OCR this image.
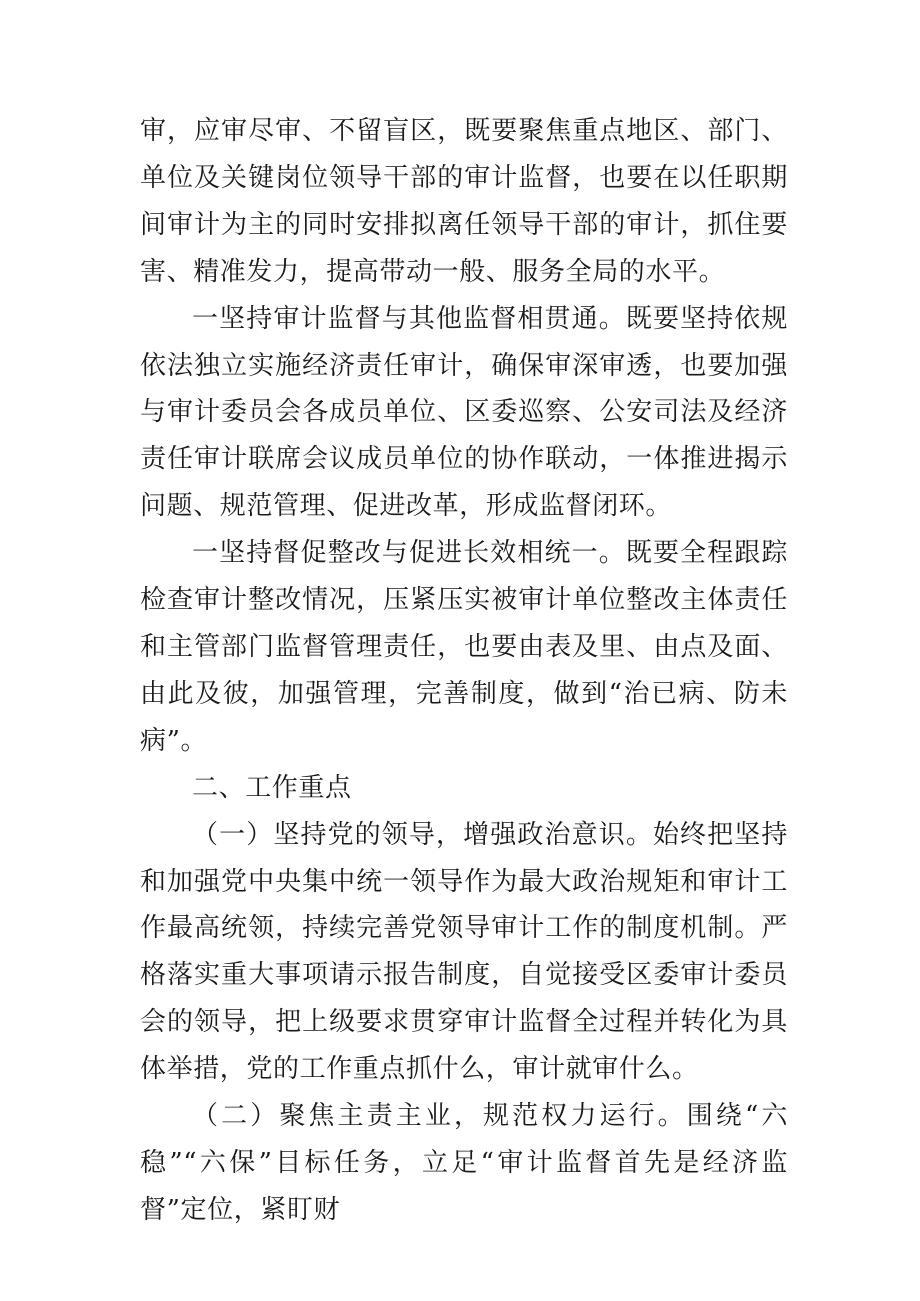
审，应审尽审、不留盲区，既要聚焦重点地区、部门、单位及关键岗位领导干部的审计监督，也要在以任职期间审计为主的同时安排拟离任领导干部的审计，抓住要害、精准发力，提高带动一般、服务全局的水平。

一坚持审计监督与其他监督相贯通。既要坚持依规依法独立实施经济责任审计，确保审深审透，也要加强与审计委员会各成员单位、区委巡察、公安司法及经济责任审计联席会议成员单位的协作联动，一体推进揭示问题、规范管理、促进改革，形成监督闭环。

一坚持督促整改与促进长效相统一。既要全程跟踪检查审计整改情况，压紧压实被审计单位整改主体责任和主管部门监督管理责任，也要由表及里、由点及面、由此及彼，加强管理，完善制度，做到“治已病、防未病”。

二、工作重点

（一）坚持党的领导，增强政治意识。始终把坚持和加强党中央集中统一领导作为最大政治规矩和审计工作最高统领，持续完善党领导审计工作的制度机制。严格落实重大事项请示报告制度，自觉接受区委审计委员会的领导，把上级要求贯穿审计监督全过程并转化为具体举措，党的工作重点抓什么，审计就审什么。

（二）聚焦主责主业，规范权力运行。围绕“六稳”“六保”目标任务，立足“审计监督首先是经济监督”定位，紧盯财
